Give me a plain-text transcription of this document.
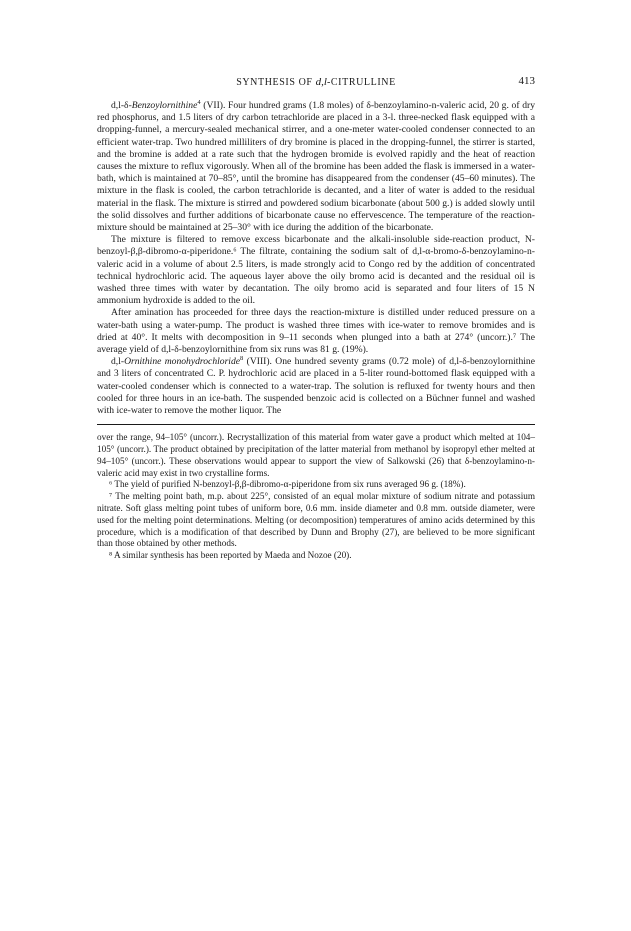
SYNTHESIS OF d,l-CITRULLINE	413

d,l-δ-Benzoylornithine$^4$ (VII). Four hundred grams (1.8 moles) of δ-benzoylamino-n-valeric acid, 20 g. of dry red phosphorus, and 1.5 liters of dry carbon tetrachloride are placed in a 3-l. three-necked flask equipped with a dropping-funnel, a mercury-sealed mechanical stirrer, and a one-meter water-cooled condenser connected to an efficient water-trap. Two hundred milliliters of dry bromine is placed in the dropping-funnel, the stirrer is started, and the bromine is added at a rate such that the hydrogen bromide is evolved rapidly and the heat of reaction causes the mixture to reflux vigorously. When all of the bromine has been added the flask is immersed in a water-bath, which is maintained at 70–85°, until the bromine has disappeared from the condenser (45–60 minutes). The mixture in the flask is cooled, the carbon tetrachloride is decanted, and a liter of water is added to the residual material in the flask. The mixture is stirred and powdered sodium bicarbonate (about 500 g.) is added slowly until the solid dissolves and further additions of bicarbonate cause no effervescence. The temperature of the reaction-mixture should be maintained at 25–30° with ice during the addition of the bicarbonate.

The mixture is filtered to remove excess bicarbonate and the alkali-insoluble side-reaction product, N-benzoyl-β,β-dibromo-α-piperidone.⁶ The filtrate, containing the sodium salt of d,l-α-bromo-δ-benzoylamino-n-valeric acid in a volume of about 2.5 liters, is made strongly acid to Congo red by the addition of concentrated technical hydrochloric acid. The aqueous layer above the oily bromo acid is decanted and the residual oil is washed three times with water by decantation. The oily bromo acid is separated and four liters of 15 N ammonium hydroxide is added to the oil.

After amination has proceeded for three days the reaction-mixture is distilled under reduced pressure on a water-bath using a water-pump. The product is washed three times with ice-water to remove bromides and is dried at 40°. It melts with decomposition in 9–11 seconds when plunged into a bath at 274° (uncorr.).⁷ The average yield of d,l-δ-benzoylornithine from six runs was 81 g. (19%).

d,l-Ornithine monohydrochloride$^8$ (VIII). One hundred seventy grams (0.72 mole) of d,l-δ-benzoylornithine and 3 liters of concentrated C. P. hydrochloric acid are placed in a 5-liter round-bottomed flask equipped with a water-cooled condenser which is connected to a water-trap. The solution is refluxed for twenty hours and then cooled for three hours in an ice-bath. The suspended benzoic acid is collected on a Büchner funnel and washed with ice-water to remove the mother liquor. The

over the range, 94–105° (uncorr.). Recrystallization of this material from water gave a product which melted at 104–105° (uncorr.). The product obtained by precipitation of the latter material from methanol by isopropyl ether melted at 94–105° (uncorr.). These observations would appear to support the view of Salkowski (26) that δ-benzoylamino-n-valeric acid may exist in two crystalline forms.

⁶ The yield of purified N-benzoyl-β,β-dibromo-α-piperidone from six runs averaged 96 g. (18%).

⁷ The melting point bath, m.p. about 225°, consisted of an equal molar mixture of sodium nitrate and potassium nitrate. Soft glass melting point tubes of uniform bore, 0.6 mm. inside diameter and 0.8 mm. outside diameter, were used for the melting point determinations. Melting (or decomposition) temperatures of amino acids determined by this procedure, which is a modification of that described by Dunn and Brophy (27), are believed to be more significant than those obtained by other methods.

⁸ A similar synthesis has been reported by Maeda and Nozoe (20).
